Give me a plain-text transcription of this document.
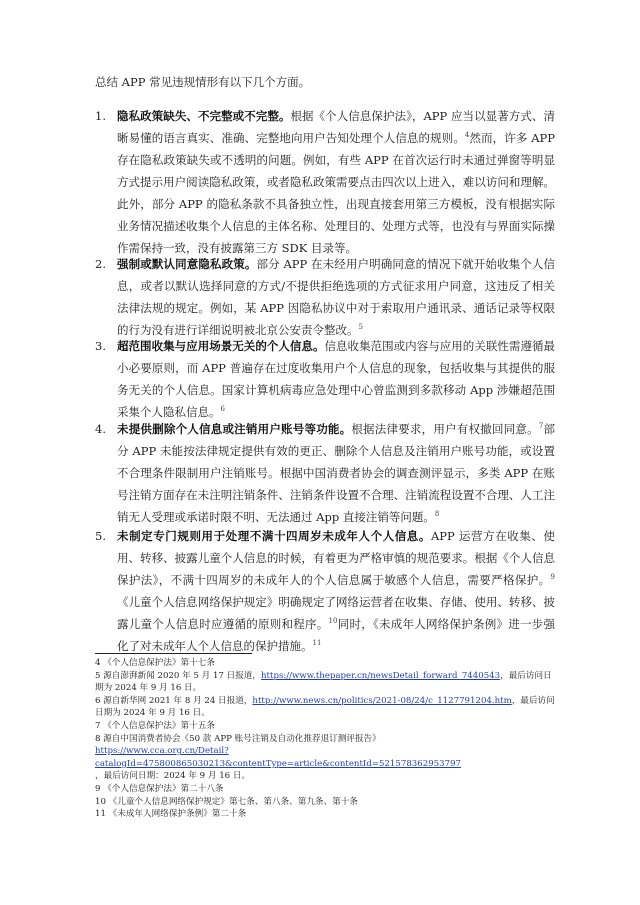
总结 APP 常见违规情形有以下几个方面。
1. 隐私政策缺失、不完整或不完整。根据《个人信息保护法》，APP 应当以显著方式、清晰易懂的语言真实、准确、完整地向用户告知处理个人信息的规则。$^4$然而，许多 APP 存在隐私政策缺失或不透明的问题。例如，有些 APP 在首次运行时未通过弹窗等明显方式提示用户阅读隐私政策，或者隐私政策需要点击四次以上进入，难以访问和理解。此外，部分 APP 的隐私条款不具备独立性，出现直接套用第三方模板，没有根据实际业务情况描述收集个人信息的主体名称、处理目的、处理方式等，也没有与界面实际操作需保持一致，没有披露第三方 SDK 目录等。
2. 强制或默认同意隐私政策。部分 APP 在未经用户明确同意的情况下就开始收集个人信息，或者以默认选择同意的方式/不提供拒绝选项的方式征求用户同意，这违反了相关法律法规的规定。例如，某 APP 因隐私协议中对于索取用户通讯录、通话记录等权限的行为没有进行详细说明被北京公安责令整改。$^5$
3. 超范围收集与应用场景无关的个人信息。信息收集范围或内容与应用的关联性需遵循最小必要原则，而 APP 普遍存在过度收集用户个人信息的现象，包括收集与其提供的服务无关的个人信息。国家计算机病毒应急处理中心曾监测到多款移动 App 涉嫌超范围采集个人隐私信息。$^6$
4. 未提供删除个人信息或注销用户账号等功能。根据法律要求，用户有权撤回同意。$^7$部分 APP 未能按法律规定提供有效的更正、删除个人信息及注销用户账号功能，或设置不合理条件限制用户注销账号。根据中国消费者协会的调查测评显示，多类 APP 在账号注销方面存在未注明注销条件、注销条件设置不合理、注销流程设置不合理、人工注销无人受理或承诺时限不明、无法通过 App 直接注销等问题。$^8$
5. 未制定专门规则用于处理不满十四周岁未成年人个人信息。APP 运营方在收集、使用、转移、披露儿童个人信息的时候，有着更为严格审慎的规范要求。根据《个人信息保护法》，不满十四周岁的未成年人的个人信息属于敏感个人信息，需要严格保护。$^9$《儿童个人信息网络保护规定》明确规定了网络运营者在收集、存储、使用、转移、披露儿童个人信息时应遵循的原则和程序。$^{10}$同时，《未成年人网络保护条例》进一步强化了对未成年人个人信息的保护措施。$^{11}$
4 《个人信息保护法》第十七条
5 源自澎湃新闻 2020 年 5 月 17 日报道，https://www.thepaper.cn/newsDetail_forward_7440543，最后访问日期为 2024 年 9 月 16 日。
6 源自新华网 2021 年 8 月 24 日报道，http://www.news.cn/politics/2021-08/24/c_1127791204.htm，最后访问日期为 2024 年 9 月 16 日。
7 《个人信息保护法》第十五条
8 源自中国消费者协会《50 款 APP 账号注销及自动化推荐退订测评报告》
https://www.cca.org.cn/Detail?catalogId=475800865030213&contentType=article&contentId=521578362953797
，最后访问日期：2024 年 9 月 16 日。
9 《个人信息保护法》第二十八条
10 《儿童个人信息网络保护规定》第七条、第八条、第九条、第十条
11 《未成年人网络保护条例》第二十条
